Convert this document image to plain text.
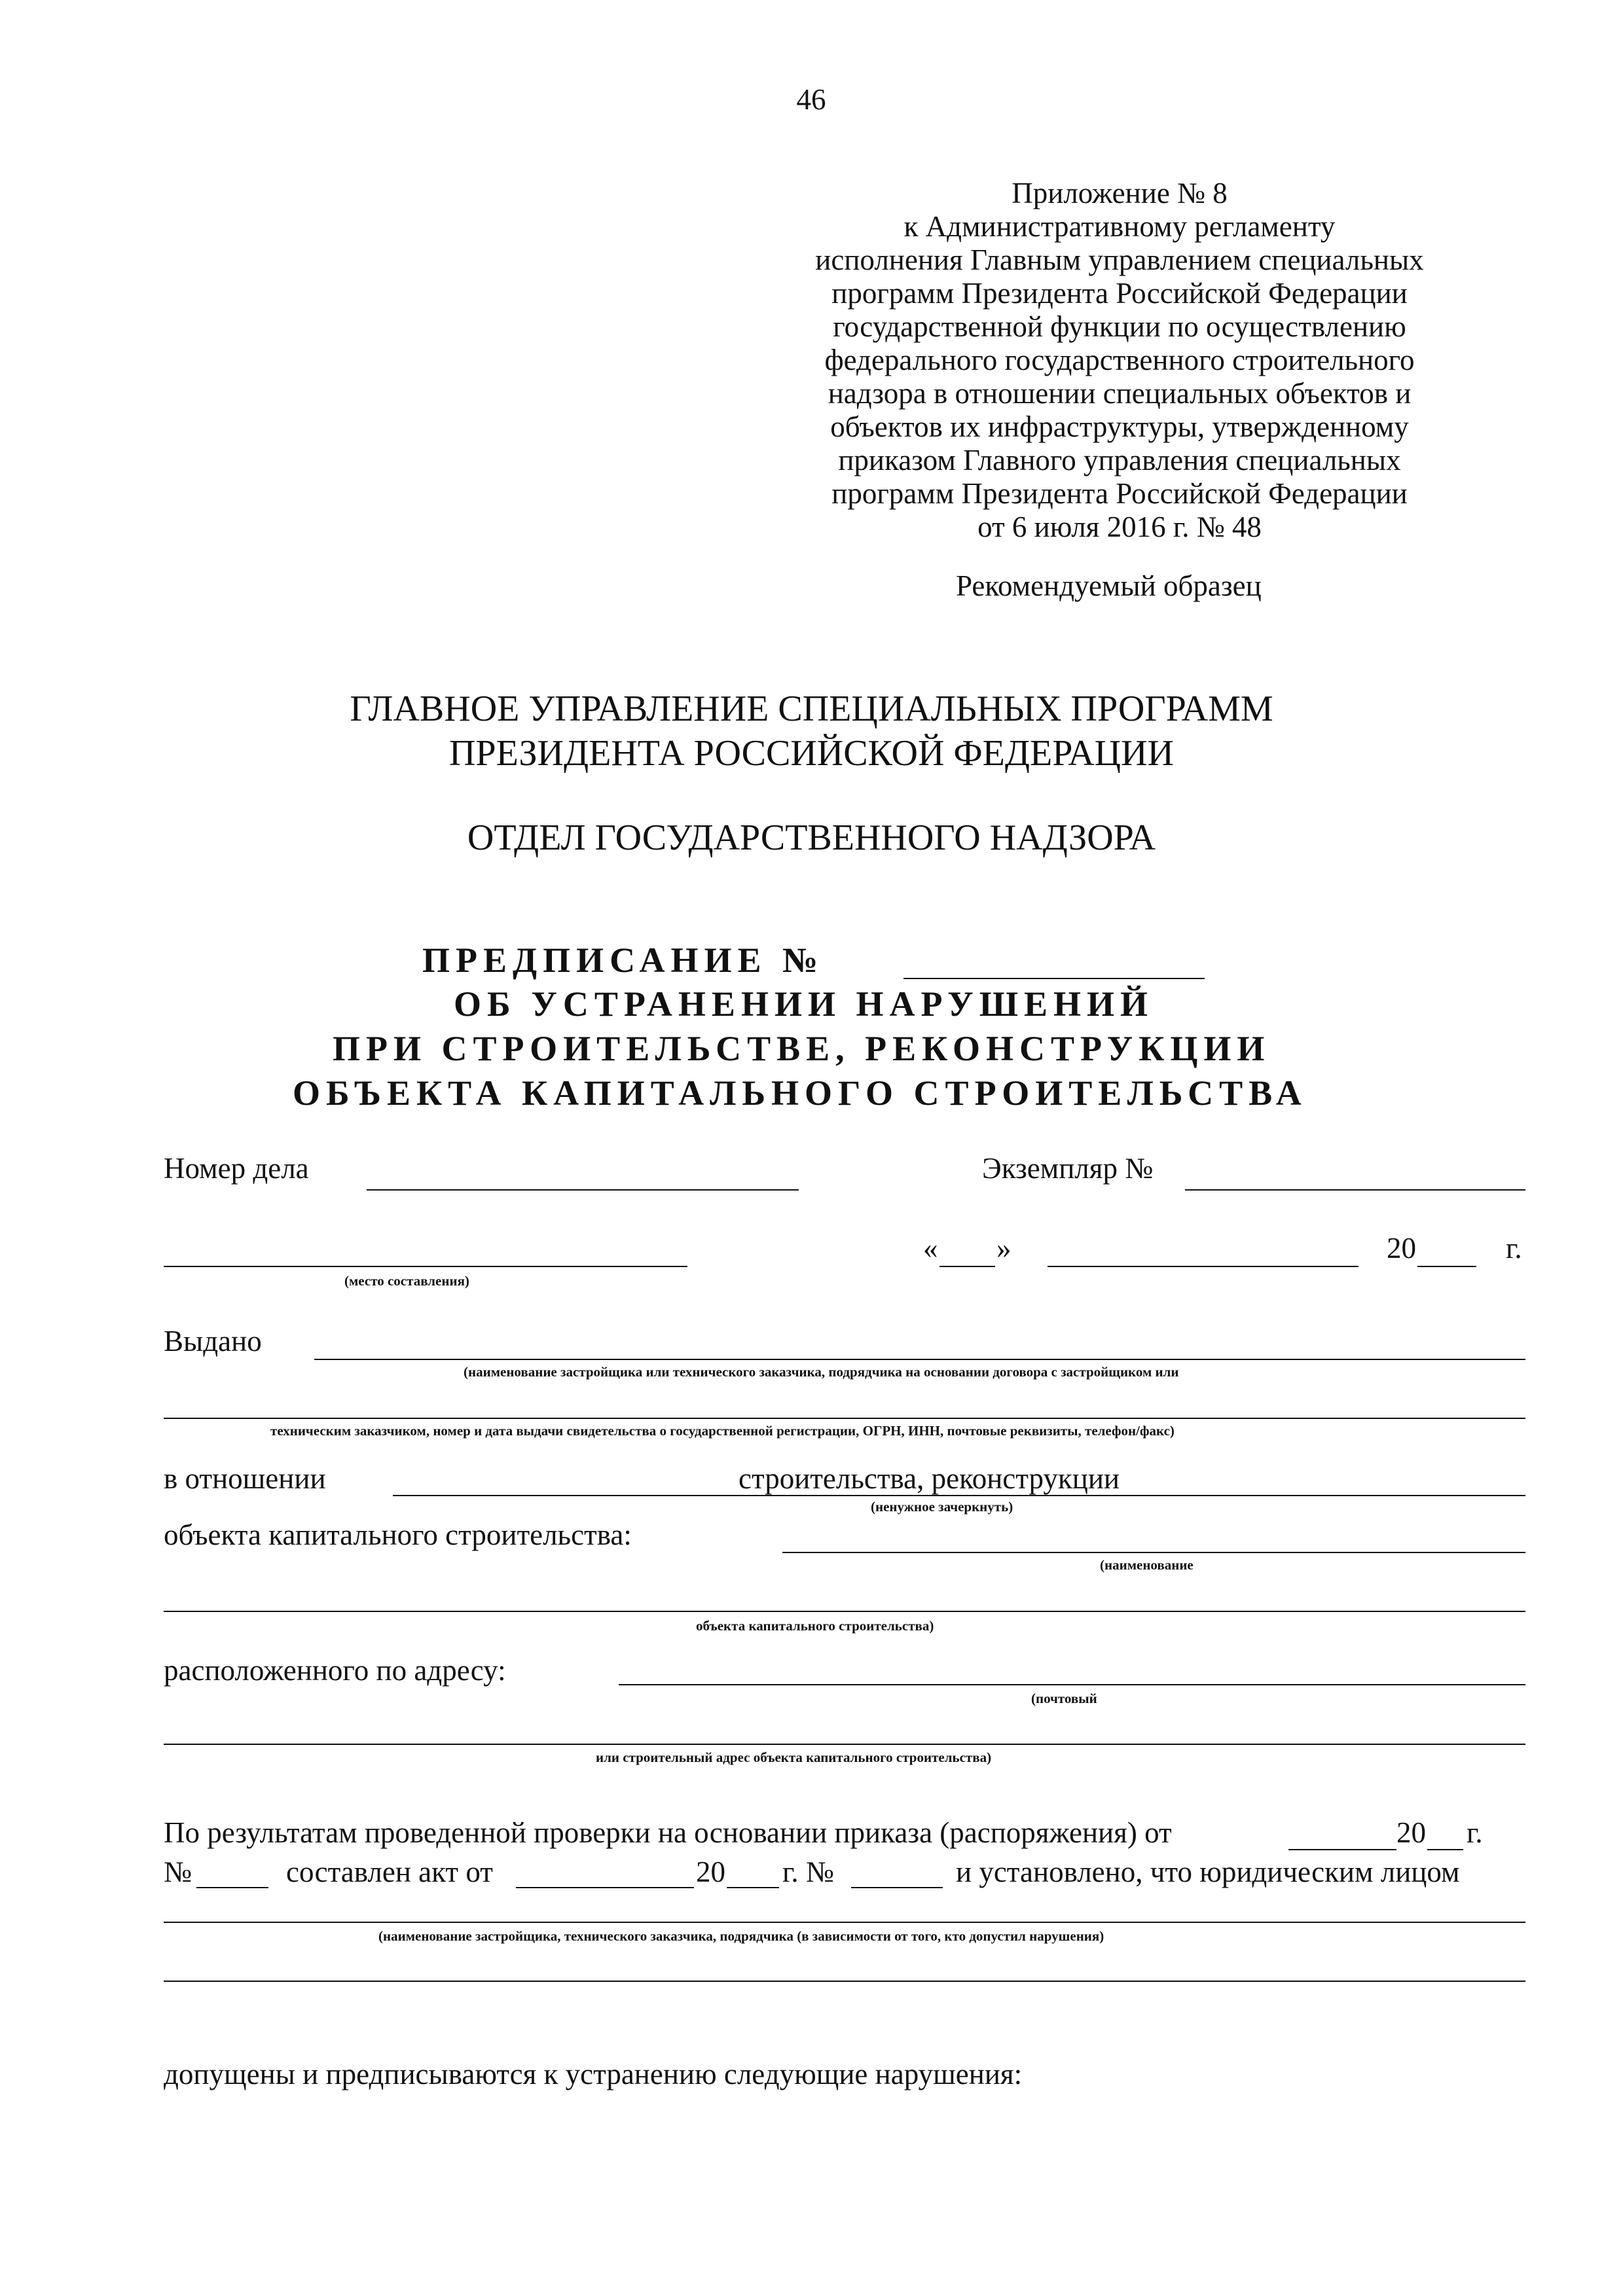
46
Приложение № 8
к Административному регламенту
исполнения Главным управлением специальных
программ Президента Российской Федерации
государственной функции по осуществлению
федерального государственного строительного
надзора в отношении специальных объектов и
объектов их инфраструктуры, утвержденному
приказом Главного управления специальных
программ Президента Российской Федерации
от 6 июля 2016 г. № 48
Рекомендуемый образец
ГЛАВНОЕ УПРАВЛЕНИЕ СПЕЦИАЛЬНЫХ ПРОГРАММ
ПРЕЗИДЕНТА РОССИЙСКОЙ ФЕДЕРАЦИИ
ОТДЕЛ ГОСУДАРСТВЕННОГО НАДЗОРА
ПРЕДПИСАНИЕ №
ОБ УСТРАНЕНИИ НАРУШЕНИЙ
ПРИ СТРОИТЕЛЬСТВЕ, РЕКОНСТРУКЦИИ
ОБЪЕКТА КАПИТАЛЬНОГО СТРОИТЕЛЬСТВА
Номер дела	Экземпляр №
(место составления)
« »	20	г.
Выдано
(наименование застройщика или технического заказчика, подрядчика на основании договора с застройщиком или
техническим заказчиком, номер и дата выдачи свидетельства о государственной регистрации, ОГРН, ИНН, почтовые реквизиты, телефон/факс)
в отношении	строительства, реконструкции
(ненужное зачеркнуть)
объекта капитального строительства:
(наименование
объекта капитального строительства)
расположенного по адресу:
(почтовый
или строительный адрес объекта капитального строительства)
По результатам проведенной проверки на основании приказа (распоряжения) от	20 г.
№	составлен акт от	20 г. №	и установлено, что юридическим лицом
(наименование застройщика, технического заказчика, подрядчика (в зависимости от того, кто допустил нарушения)
допущены и предписываются к устранению следующие нарушения:
